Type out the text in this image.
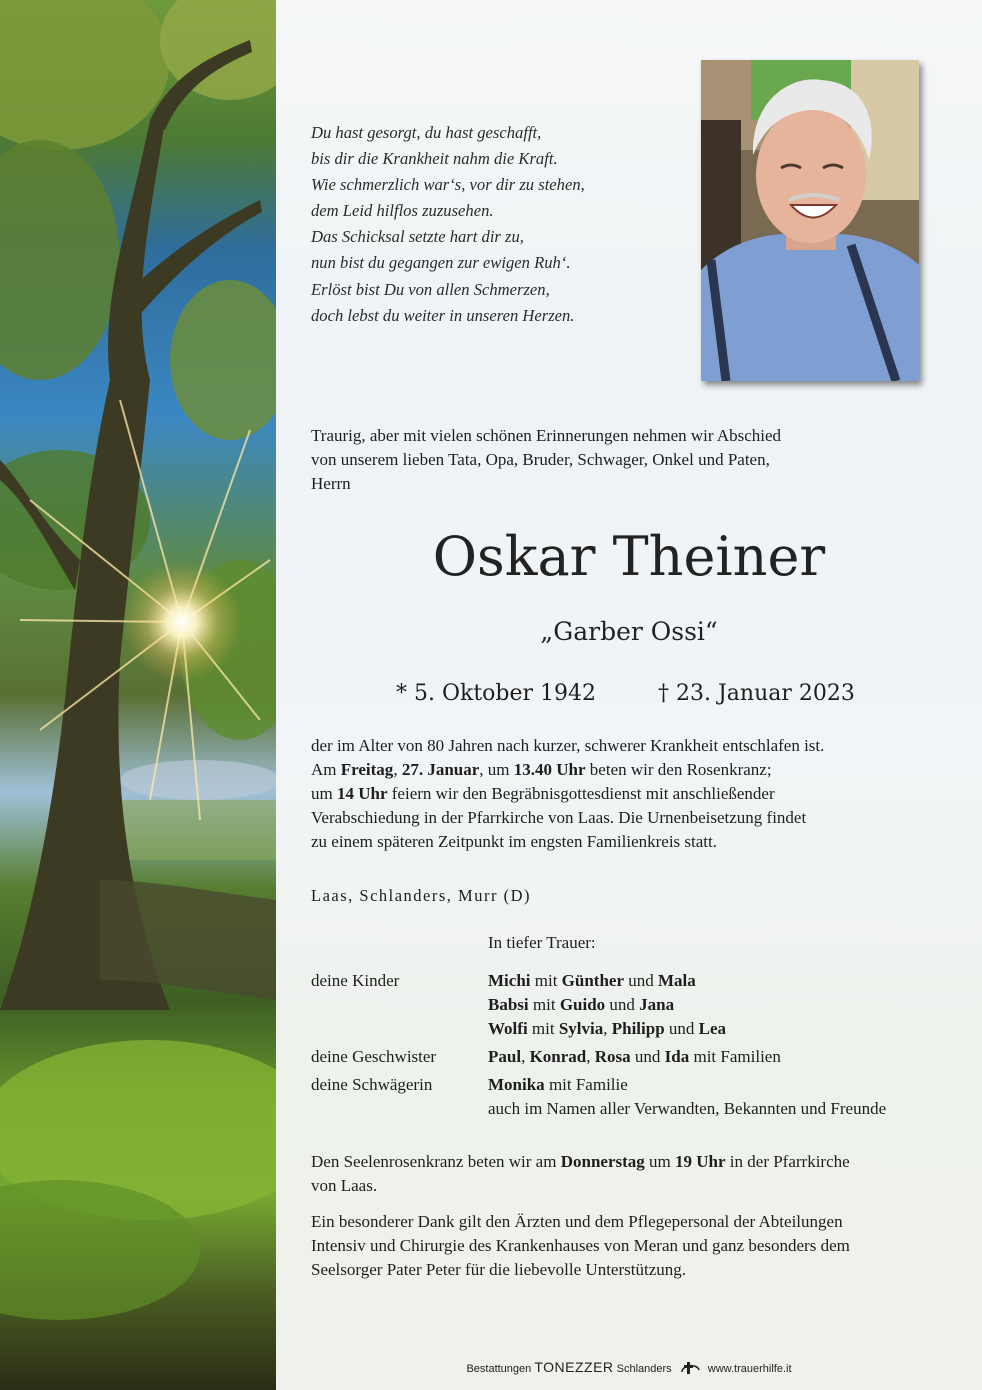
Du hast gesorgt, du hast geschafft,
bis dir die Krankheit nahm die Kraft.
Wie schmerzlich war‘s, vor dir zu stehen,
dem Leid hilflos zuzusehen.
Das Schicksal setzte hart dir zu,
nun bist du gegangen zur ewigen Ruh‘.
Erlöst bist Du von allen Schmerzen,
doch lebst du weiter in unseren Herzen.
Traurig, aber mit vielen schönen Erinnerungen nehmen wir Abschied
von unserem lieben Tata, Opa, Bruder, Schwager, Onkel und Paten,
Herrn
Oskar Theiner
„Garber Ossi“
* 5. Oktober 1942	† 23. Januar 2023
der im Alter von 80 Jahren nach kurzer, schwerer Krankheit entschlafen ist.
Am Freitag, 27. Januar, um 13.40 Uhr beten wir den Rosenkranz;
um 14 Uhr feiern wir den Begräbnisgottesdienst mit anschließender
Verabschiedung in der Pfarrkirche von Laas. Die Urnenbeisetzung findet
zu einem späteren Zeitpunkt im engsten Familienkreis statt.
Laas, Schlanders, Murr (D)
In tiefer Trauer:
deine Kinder	Michi mit Günther und Mala
Babsi mit Guido und Jana
Wolfi mit Sylvia, Philipp und Lea
deine Geschwister	Paul, Konrad, Rosa und Ida mit Familien
deine Schwägerin	Monika mit Familie
auch im Namen aller Verwandten, Bekannten und Freunde
Den Seelenrosenkranz beten wir am Donnerstag um 19 Uhr in der Pfarrkirche
von Laas.
Ein besonderer Dank gilt den Ärzten und dem Pflegepersonal der Abteilungen
Intensiv und Chirurgie des Krankenhauses von Meran und ganz besonders dem
Seelsorger Pater Peter für die liebevolle Unterstützung.
Bestattungen TONEZZER Schlanders	www.trauerhilfe.it
